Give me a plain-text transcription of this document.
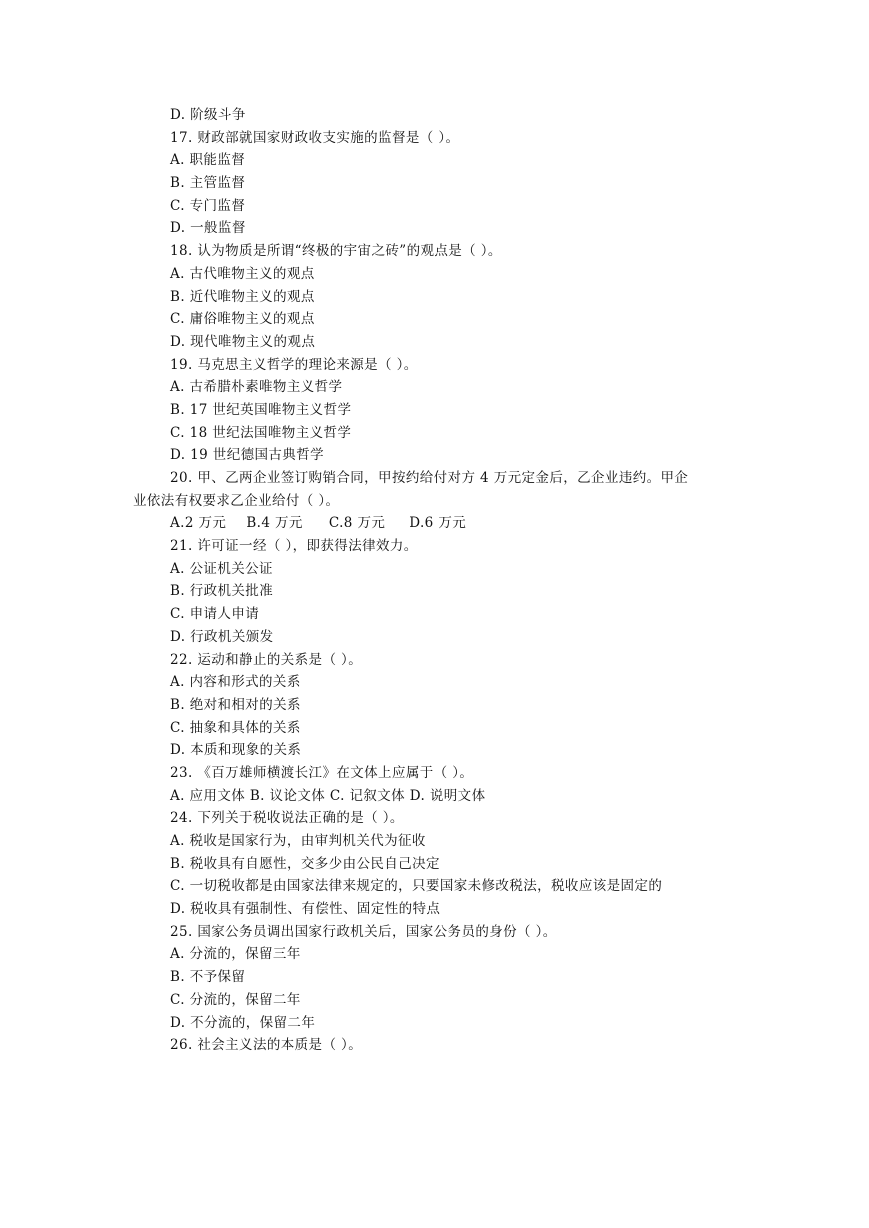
D. 阶级斗争
17. 财政部就国家财政收支实施的监督是（ ）。
A. 职能监督
B. 主管监督
C. 专门监督
D. 一般监督
18. 认为物质是所谓“终极的宇宙之砖”的观点是（ ）。
A. 古代唯物主义的观点
B. 近代唯物主义的观点
C. 庸俗唯物主义的观点
D. 现代唯物主义的观点
19. 马克思主义哲学的理论来源是（ ）。
A. 古希腊朴素唯物主义哲学
B. 17 世纪英国唯物主义哲学
C. 18 世纪法国唯物主义哲学
D. 19 世纪德国古典哲学
20. 甲、乙两企业签订购销合同，甲按约给付对方 4 万元定金后，乙企业违约。甲企
业依法有权要求乙企业给付（ ）。
A.2 万元 B.4 万元 C.8 万元 D.6 万元
21. 许可证一经（ ），即获得法律效力。
A. 公证机关公证
B. 行政机关批准
C. 申请人申请
D. 行政机关颁发
22. 运动和静止的关系是（ ）。
A. 内容和形式的关系
B. 绝对和相对的关系
C. 抽象和具体的关系
D. 本质和现象的关系
23. 《百万雄师横渡长江》在文体上应属于（ ）。
A. 应用文体 B. 议论文体 C. 记叙文体 D. 说明文体
24. 下列关于税收说法正确的是（ ）。
A. 税收是国家行为，由审判机关代为征收
B. 税收具有自愿性，交多少由公民自己决定
C. 一切税收都是由国家法律来规定的，只要国家未修改税法，税收应该是固定的
D. 税收具有强制性、有偿性、固定性的特点
25. 国家公务员调出国家行政机关后，国家公务员的身份（ ）。
A. 分流的，保留三年
B. 不予保留
C. 分流的，保留二年
D. 不分流的，保留二年
26. 社会主义法的本质是（ ）。
